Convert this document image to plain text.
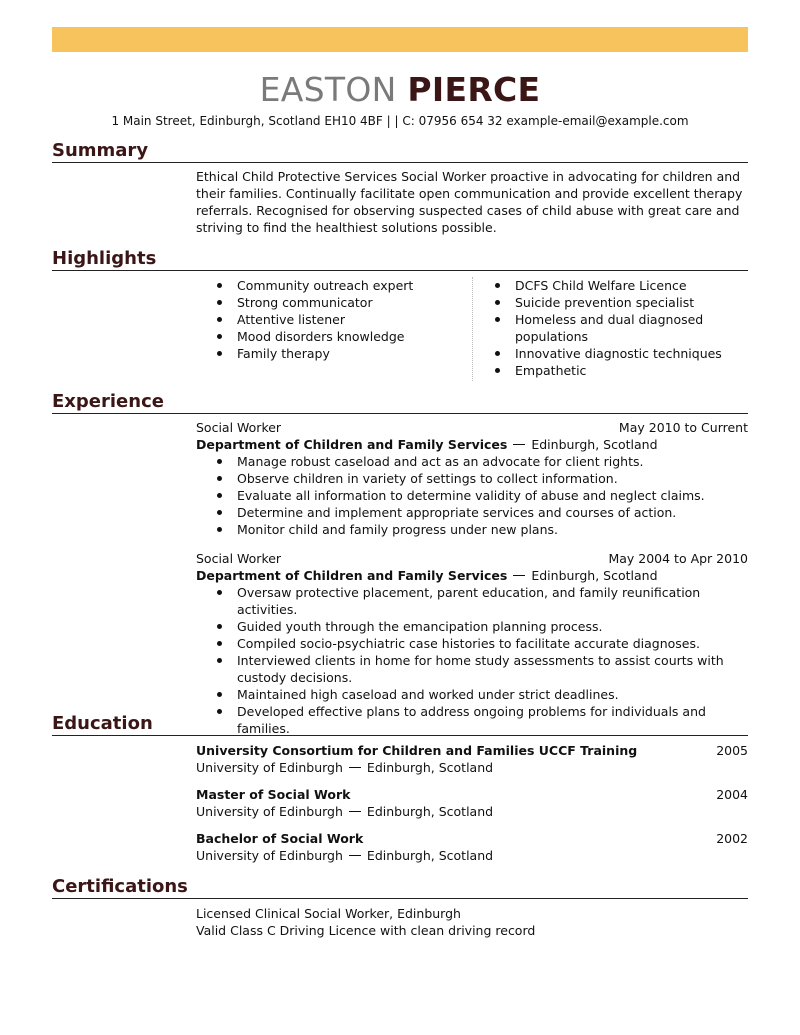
EASTON PIERCE
1 Main Street, Edinburgh, Scotland EH10 4BF | | C: 07956 654 32 example-email@example.com
Summary

Ethical Child Protective Services Social Worker proactive in advocating for children and their families. Continually facilitate open communication and provide excellent therapy referrals. Recognised for observing suspected cases of child abuse with great care and striving to find the healthiest solutions possible.

Highlights
Community outreach expert
Strong communicator
Attentive listener
Mood disorders knowledge
Family therapy
DCFS Child Welfare Licence
Suicide prevention specialist
Homeless and dual diagnosed populations
Innovative diagnostic techniques
Empathetic
Experience
Social Worker	May 2010 to Current
Department of Children and Family Services Edinburgh, Scotland
Manage robust caseload and act as an advocate for client rights.
Observe children in variety of settings to collect information.
Evaluate all information to determine validity of abuse and neglect claims.
Determine and implement appropriate services and courses of action.
Monitor child and family progress under new plans.
Social Worker	May 2004 to Apr 2010
Department of Children and Family Services Edinburgh, Scotland
Oversaw protective placement, parent education, and family reunification activities.
Guided youth through the emancipation planning process.
Compiled socio-psychiatric case histories to facilitate accurate diagnoses.
Interviewed clients in home for home study assessments to assist courts with custody decisions.
Maintained high caseload and worked under strict deadlines.
Developed effective plans to address ongoing problems for individuals and families.
Education
University Consortium for Children and Families UCCF Training	2005
University of Edinburgh Edinburgh, Scotland
Master of Social Work	2004
University of Edinburgh Edinburgh, Scotland
Bachelor of Social Work	2002
University of Edinburgh Edinburgh, Scotland
Certifications
Licensed Clinical Social Worker, Edinburgh
Valid Class C Driving Licence with clean driving record
